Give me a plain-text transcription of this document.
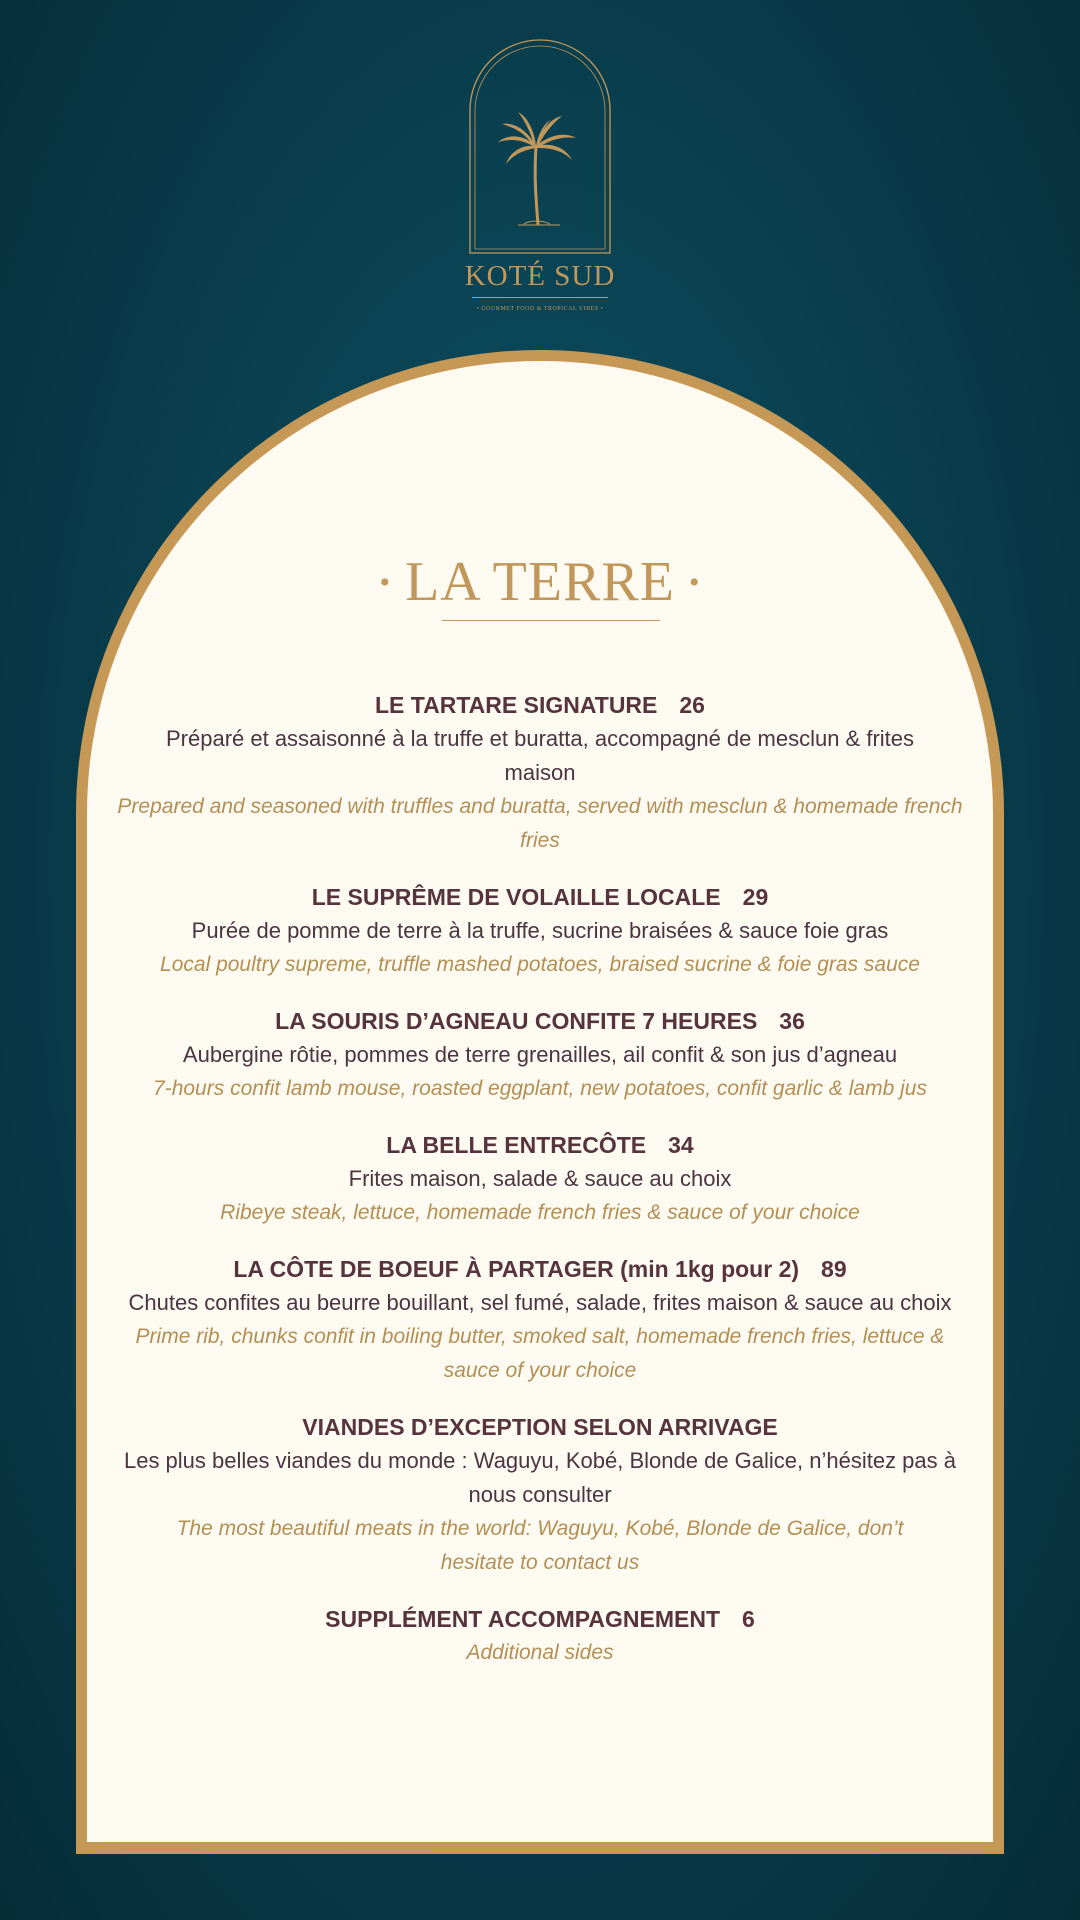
KOTÉ SUD
• GOURMET FOOD & TROPICAL VIBES •
• LA TERRE •
LE TARTARE SIGNATURE 26
Préparé et assaisonné à la truffe et buratta, accompagné de mesclun & frites maison
Prepared and seasoned with truffles and buratta, served with mesclun & homemade french fries
LE SUPRÊME DE VOLAILLE LOCALE 29
Purée de pomme de terre à la truffe, sucrine braisées & sauce foie gras
Local poultry supreme, truffle mashed potatoes, braised sucrine & foie gras sauce
LA SOURIS D’AGNEAU CONFITE 7 HEURES 36
Aubergine rôtie, pommes de terre grenailles, ail confit & son jus d’agneau
7-hours confit lamb mouse, roasted eggplant, new potatoes, confit garlic & lamb jus
LA BELLE ENTRECÔTE 34
Frites maison, salade & sauce au choix
Ribeye steak, lettuce, homemade french fries & sauce of your choice
LA CÔTE DE BOEUF À PARTAGER (min 1kg pour 2) 89
Chutes confites au beurre bouillant, sel fumé, salade, frites maison & sauce au choix
Prime rib, chunks confit in boiling butter, smoked salt, homemade french fries, lettuce & sauce of your choice
VIANDES D’EXCEPTION SELON ARRIVAGE
Les plus belles viandes du monde : Waguyu, Kobé, Blonde de Galice, n’hésitez pas à nous consulter
The most beautiful meats in the world: Waguyu, Kobé, Blonde de Galice, don’t hesitate to contact us
SUPPLÉMENT ACCOMPAGNEMENT 6
Additional sides
